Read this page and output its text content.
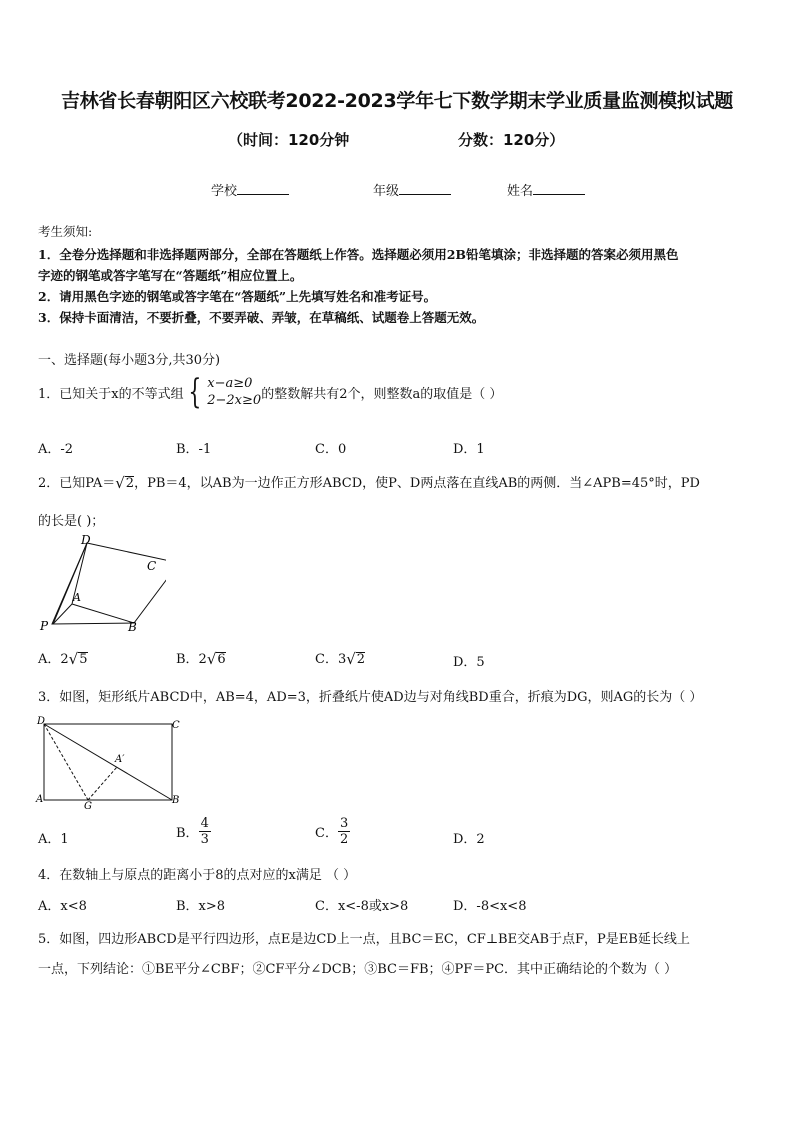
吉林省长春朝阳区六校联考2022-2023学年七下数学期末学业质量监测模拟试题
（时间：120分钟	分数：120分）
学校	年级	姓名
考生须知:
1．全卷分选择题和非选择题两部分，全部在答题纸上作答。选择题必须用2B铅笔填涂；非选择题的答案必须用黑色
字迹的钢笔或答字笔写在“答题纸”相应位置上。
2．请用黑色字迹的钢笔或答字笔在“答题纸”上先填写姓名和准考证号。
3．保持卡面清洁，不要折叠，不要弄破、弄皱，在草稿纸、试题卷上答题无效。
一、选择题(每小题3分,共30分)
1．已知关于x的不等式组 { x−a≥0
2−2x≥0 的整数解共有2个，则整数a的取值是（ ）
A．-2	B．-1	C．0	D．1
2．已知 PA＝ √ 2 ，PB＝4 ，以AB为一边作正方形ABCD，使P、D两点落在直线AB的两侧．当∠APB=45°时，PD
的长是( )；
D
C
A
P	B
A．2 √ 5	B．2 √ 6	C．3 √ 2	D．5
3．如图，矩形纸片ABCD中，AB=4，AD=3，折叠纸片使AD边与对角线BD重合，折痕为DG，则AG的长为（ ）
D	C
A′
A
G
B
A．1	B． $\frac{4}{3}$	C． $\frac{3}{2}$	D．2
4．在数轴上与原点的距离小于8的点对应的x满足 （ ）
A．x<8	B．x>8	C．x<-8或x>8	D．-8<x<8
5．如图，四边形ABCD是平行四边形，点E是边CD上一点，且BC＝EC，CF⊥BE交AB于点F，P是EB延长线上
一点，下列结论：①BE平分∠CBF；②CF平分∠DCB；③BC＝FB；④PF＝PC．其中正确结论的个数为（ ）
